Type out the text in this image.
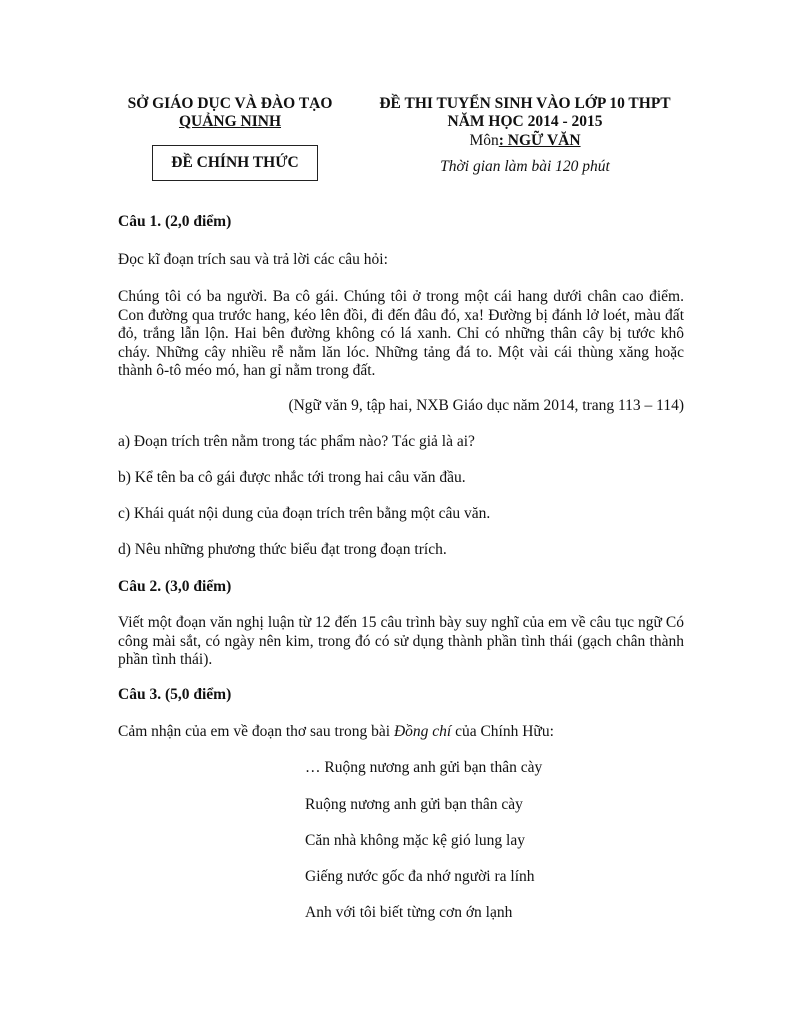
SỞ GIÁO DỤC VÀ ĐÀO TẠO
QUẢNG NINH
ĐỀ CHÍNH THỨC
ĐỀ THI TUYỂN SINH VÀO LỚP 10 THPT
NĂM HỌC 2014 - 2015
Môn: NGỮ VĂN
Thời gian làm bài 120 phút
Câu 1. (2,0 điểm)
Đọc kĩ đoạn trích sau và trả lời các câu hỏi:
Chúng tôi có ba người. Ba cô gái. Chúng tôi ở trong một cái hang dưới chân cao điểm. Con đường qua trước hang, kéo lên đồi, đi đến đâu đó, xa! Đường bị đánh lở loét, màu đất đỏ, trắng lẫn lộn. Hai bên đường không có lá xanh. Chỉ có những thân cây bị tước khô cháy. Những cây nhiều rễ nằm lăn lóc. Những tảng đá to. Một vài cái thùng xăng hoặc thành ô-tô méo mó, han gỉ nằm trong đất.
(Ngữ văn 9, tập hai, NXB Giáo dục năm 2014, trang 113 – 114)
a) Đoạn trích trên nằm trong tác phẩm nào? Tác giả là ai?
b) Kể tên ba cô gái được nhắc tới trong hai câu văn đầu.
c) Khái quát nội dung của đoạn trích trên bằng một câu văn.
d) Nêu những phương thức biểu đạt trong đoạn trích.
Câu 2. (3,0 điểm)
Viết một đoạn văn nghị luận từ 12 đến 15 câu trình bày suy nghĩ của em về câu tục ngữ Có công mài sắt, có ngày nên kim, trong đó có sử dụng thành phần tình thái (gạch chân thành phần tình thái).
Câu 3. (5,0 điểm)
Cảm nhận của em về đoạn thơ sau trong bài Đồng chí của Chính Hữu:
… Ruộng nương anh gửi bạn thân cày
Ruộng nương anh gửi bạn thân cày
Căn nhà không mặc kệ gió lung lay
Giếng nước gốc đa nhớ người ra lính
Anh với tôi biết từng cơn ớn lạnh
